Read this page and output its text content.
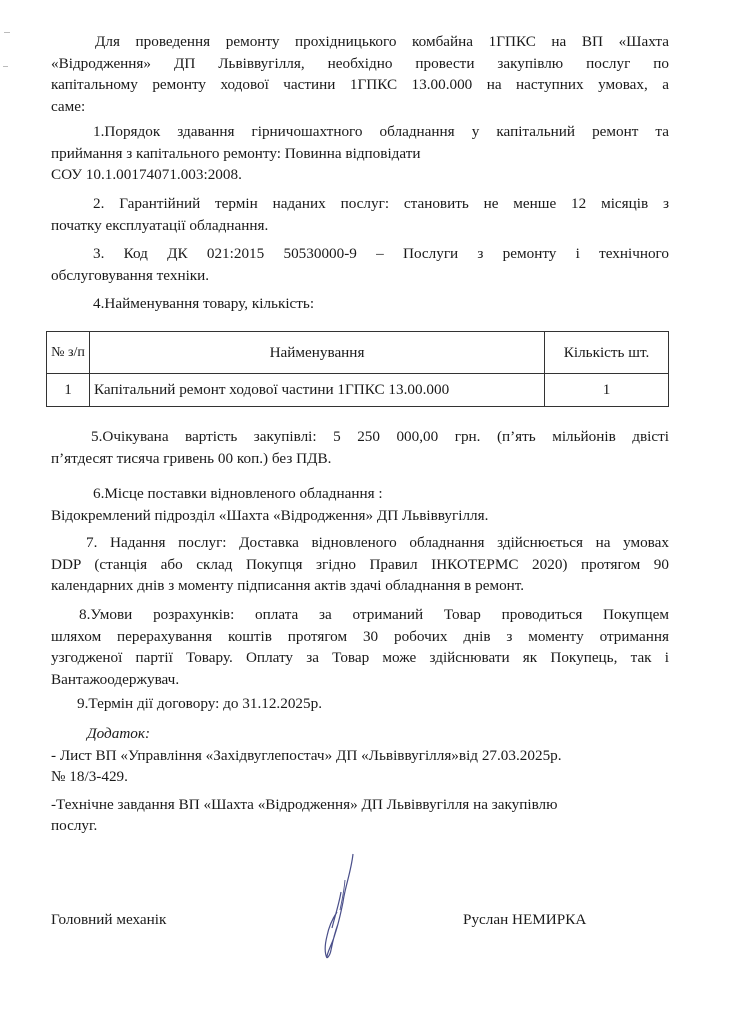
Для проведення ремонту прохідницького комбайна 1ГПКС на ВП «Шахта
«Відродження» ДП Львіввугілля, необхідно провести закупівлю послуг по
капітальному ремонту ходової частини 1ГПКС 13.00.000 на наступних умовах, а
саме:
1.Порядок здавання гірничошахтного обладнання у капітальний ремонт та
приймання з капітального ремонту: Повинна відповідати
СОУ 10.1.00174071.003:2008.
2. Гарантійний термін наданих послуг: становить не менше 12 місяців з
початку експлуатації обладнання.
3. Код ДК 021:2015 50530000-9 – Послуги з ремонту і технічного
обслуговування техніки.
4.Найменування товару, кількість:
№ з/п	Найменування	Кількість шт.
1	Капітальний ремонт ходової частини 1ГПКС 13.00.000	1
5.Очікувана вартість закупівлі: 5 250 000,00 грн. (п’ять мільйонів двісті
п’ятдесят тисяча гривень 00 коп.) без ПДВ.
6.Місце поставки відновленого обладнання :
Відокремлений підрозділ «Шахта «Відродження» ДП Львіввугілля.
7. Надання послуг: Доставка відновленого обладнання здійснюється на умовах
DDP (станція або склад Покупця згідно Правил ІНКОТЕРМС 2020) протягом 90
календарних днів з моменту підписання актів здачі обладнання в ремонт.
8.Умови розрахунків: оплата за отриманий Товар проводиться Покупцем
шляхом перерахування коштів протягом 30 робочих днів з моменту отримання
узгодженої партії Товару. Оплату за Товар може здійснювати як Покупець, так і
Вантажоодержувач.
9.Термін дії договору: до 31.12.2025р.
Додаток:
- Лист ВП «Управління «Західвуглепостач» ДП «Львіввугілля»від 27.03.2025р.
№ 18/3-429.
-Технічне завдання ВП «Шахта «Відродження» ДП Львіввугілля на закупівлю
послуг.
Головний механік	Руслан НЕМИРКА
